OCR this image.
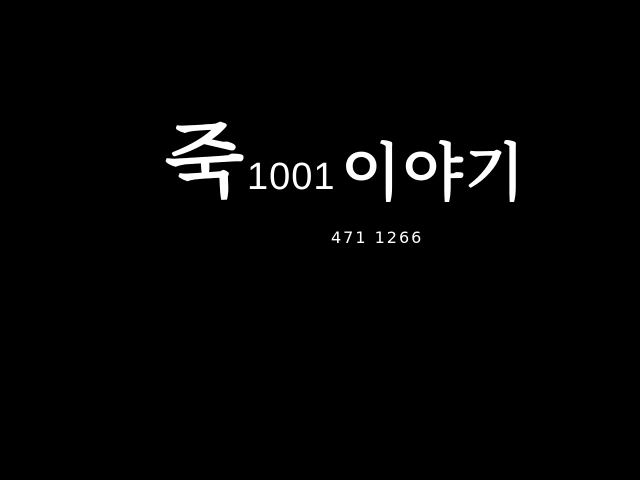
죽 1001 이야기
471 1266
